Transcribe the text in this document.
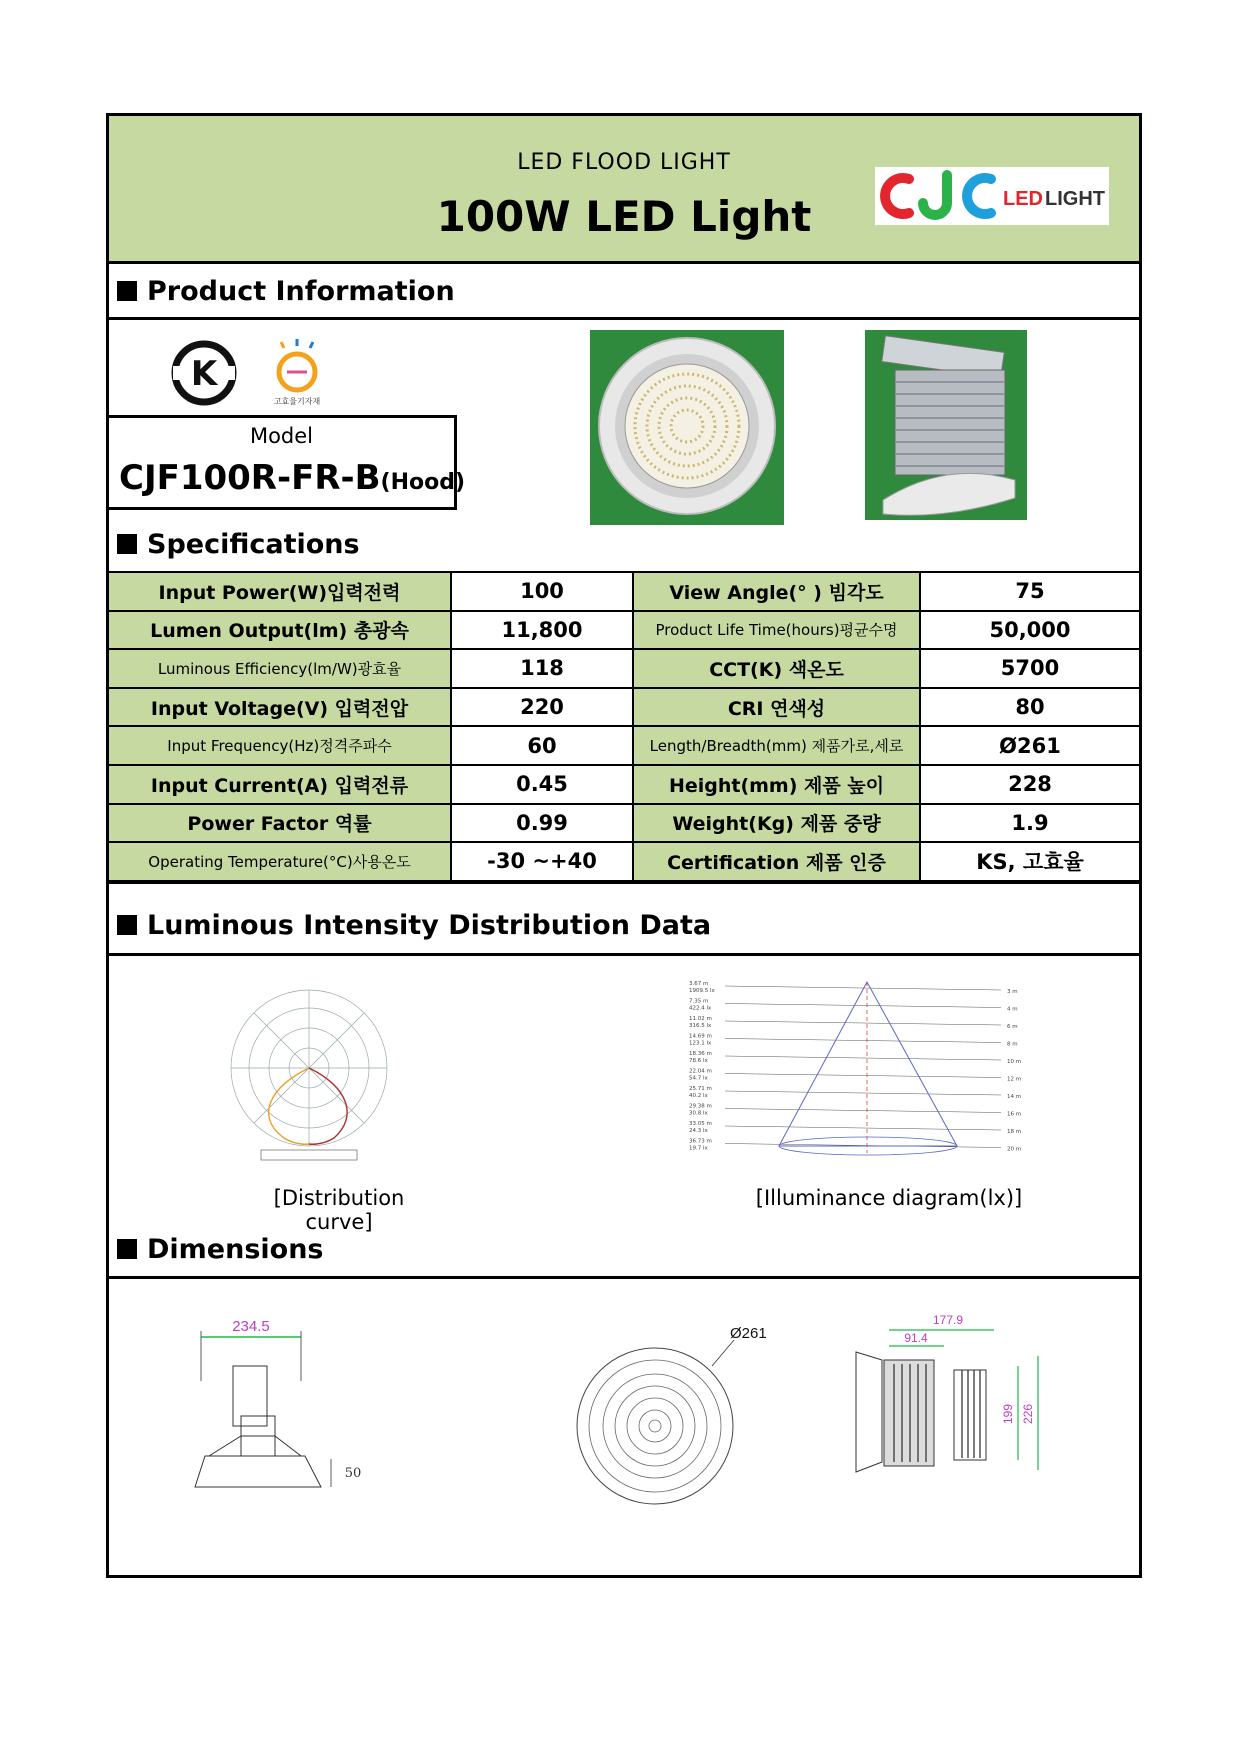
LED FLOOD LIGHT
100W LED Light	LED LIGHT
Product Information
K
고효율기자재
Model
CJF100R-FR-B(Hood)
Specifications
Input Power(W)입력전력	100	View Angle(° ) 빔각도	75
Lumen Output(lm) 총광속	11,800	Product Life Time(hours)평균수명	50,000
Luminous Efficiency(lm/W)광효율	118	CCT(K) 색온도	5700
Input Voltage(V) 입력전압	220	CRI 연색성	80
Input Frequency(Hz)정격주파수	60	Length/Breadth(mm) 제품가로,세로	Ø261
Input Current(A) 입력전류	0.45	Height(mm) 제품 높이	228
Power Factor 역률	0.99	Weight(Kg) 제품 중량	1.9
Operating Temperature(°C)사용온도	-30 ~+40	Certification 제품 인증	KS, 고효율
Luminous Intensity Distribution Data
[Distribution curve]
3.67 m
1909.5 lx	3 m
7.35 m
422.4 lx	4 m
11.02 m
316.5 lx	6 m
14.69 m
123.1 lx	8 m
18.36 m
78.6 lx	10 m
22.04 m
54.7 lx	12 m
25.71 m
40.2 lx	14 m
29.38 m
30.8 lx	16 m
33.05 m
24.3 lx	18 m
36.73 m
19.7 lx	20 m
[Illuminance diagram(lx)]
Dimensions
234.5
50
Ø261
177.9
91.4
199 226
